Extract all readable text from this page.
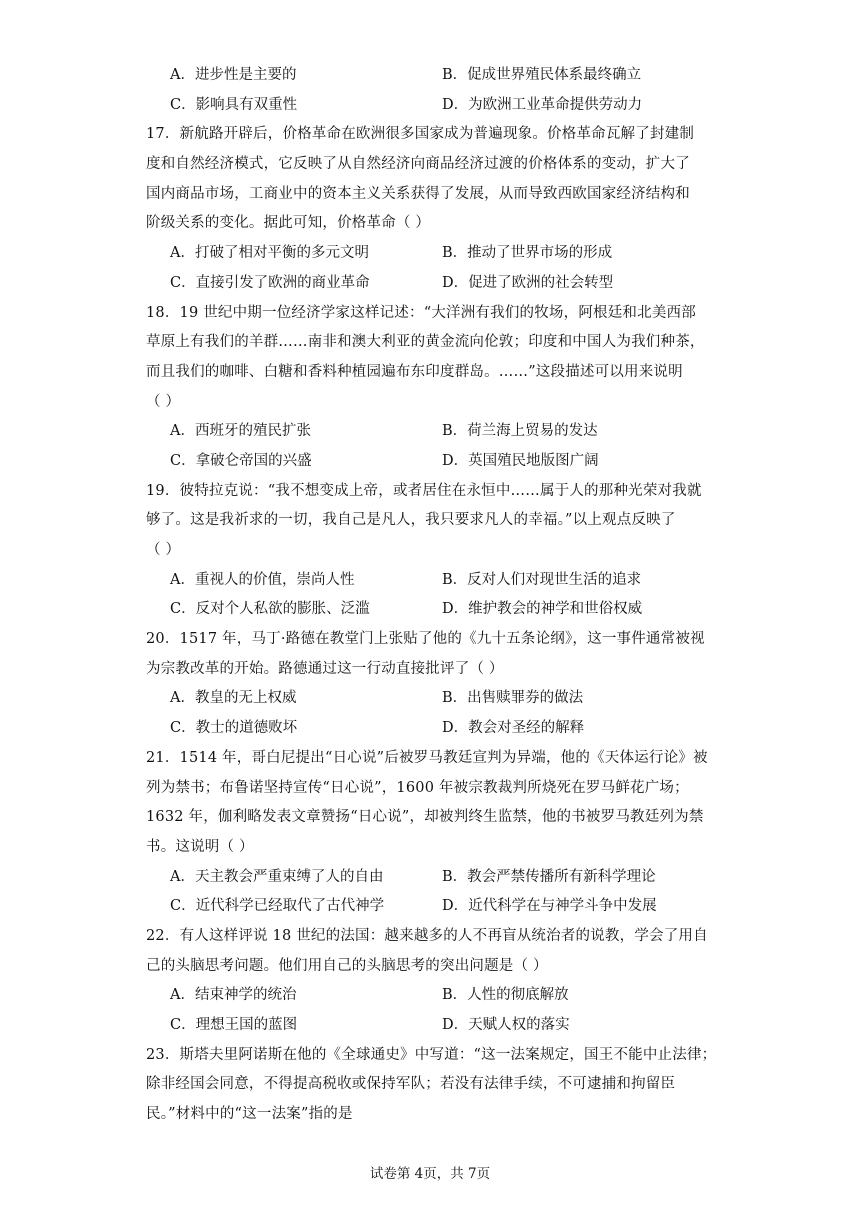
A．进步性是主要的	B．促成世界殖民体系最终确立
C．影响具有双重性	D．为欧洲工业革命提供劳动力
17．新航路开辟后，价格革命在欧洲很多国家成为普遍现象。价格革命瓦解了封建制
度和自然经济模式，它反映了从自然经济向商品经济过渡的价格体系的变动，扩大了
国内商品市场，工商业中的资本主义关系获得了发展，从而导致西欧国家经济结构和
阶级关系的变化。据此可知，价格革命（ ）
A．打破了相对平衡的多元文明	B．推动了世界市场的形成
C．直接引发了欧洲的商业革命	D．促进了欧洲的社会转型
18．19 世纪中期一位经济学家这样记述：“大洋洲有我们的牧场，阿根廷和北美西部
草原上有我们的羊群……南非和澳大利亚的黄金流向伦敦；印度和中国人为我们种茶，
而且我们的咖啡、白糖和香料种植园遍布东印度群岛。……”这段描述可以用来说明
（ ）
A．西班牙的殖民扩张	B．荷兰海上贸易的发达
C．拿破仑帝国的兴盛	D．英国殖民地版图广阔
19．彼特拉克说：“我不想变成上帝，或者居住在永恒中……属于人的那种光荣对我就
够了。这是我祈求的一切，我自己是凡人，我只要求凡人的幸福。”以上观点反映了
（ ）
A．重视人的价值，崇尚人性	B．反对人们对现世生活的追求
C．反对个人私欲的膨胀、泛滥	D．维护教会的神学和世俗权威
20．1517 年，马丁·路德在教堂门上张贴了他的《九十五条论纲》，这一事件通常被视
为宗教改革的开始。路德通过这一行动直接批评了（ ）
A．教皇的无上权威	B．出售赎罪券的做法
C．教士的道德败坏	D．教会对圣经的解释
21．1514 年，哥白尼提出“日心说”后被罗马教廷宣判为异端，他的《天体运行论》被
列为禁书；布鲁诺坚持宣传“日心说”，1600 年被宗教裁判所烧死在罗马鲜花广场；
1632 年，伽利略发表文章赞扬“日心说”，却被判终生监禁，他的书被罗马教廷列为禁
书。这说明（ ）
A．天主教会严重束缚了人的自由	B．教会严禁传播所有新科学理论
C．近代科学已经取代了古代神学	D．近代科学在与神学斗争中发展
22．有人这样评说 18 世纪的法国：越来越多的人不再盲从统治者的说教，学会了用自
己的头脑思考问题。他们用自己的头脑思考的突出问题是（ ）
A．结束神学的统治	B．人性的彻底解放
C．理想王国的蓝图	D．天赋人权的落实
23．斯塔夫里阿诺斯在他的《全球通史》中写道：“这一法案规定，国王不能中止法律；
除非经国会同意，不得提高税收或保持军队；若没有法律手续，不可逮捕和拘留臣
民。”材料中的“这一法案”指的是
试卷第 4页，共 7页
